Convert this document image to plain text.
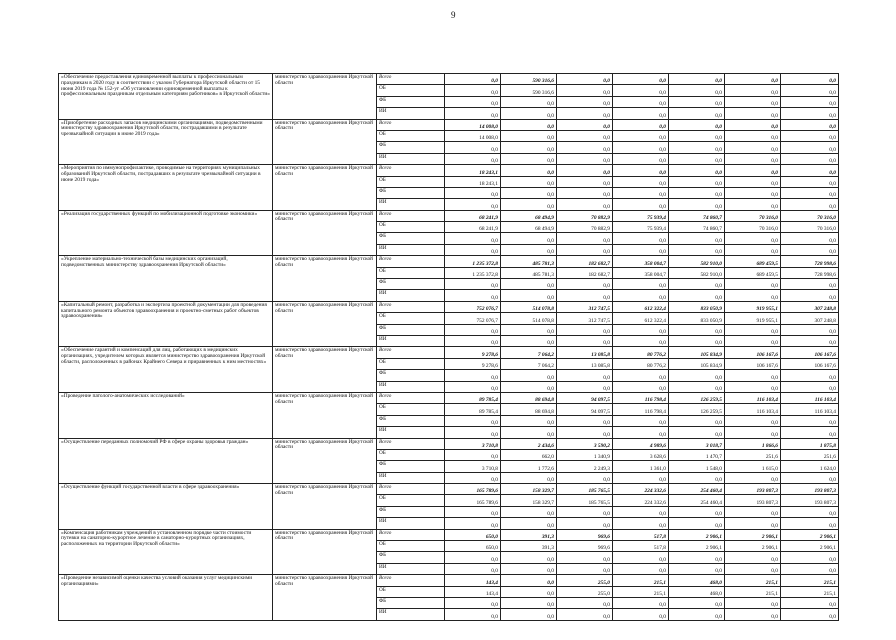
9
«Обеспечение предоставления единовременной выплаты к профессиональным праздникам в 2020 году в соответствии с указом Губернатора Иркутской области от 15 июня 2019 года № 152-уг «Об установлении единовременной выплаты к профессиональным праздникам отдельным категориям работников» в Иркутской области»	министерство здравоохранения Иркутской области	Всего	0,0	590 316,6	0,0	0,0	0,0	0,0	0,0
		ОБ	0,0	590 316,6	0,0	0,0	0,0	0,0	0,0
		ФБ	0,0	0,0	0,0	0,0	0,0	0,0	0,0
		ИИ	0,0	0,0	0,0	0,0	0,0	0,0	0,0
«Приобретение расходных запасов медицинскими организациями, подведомственными министерству здравоохранения Иркутской области, пострадавшими в результате чрезвычайной ситуации в июне 2019 года»	министерство здравоохранения Иркутской области	Всего	14 008,0	0,0	0,0	0,0	0,0	0,0	0,0
		ОБ	14 008,0	0,0	0,0	0,0	0,0	0,0	0,0
		ФБ	0,0	0,0	0,0	0,0	0,0	0,0	0,0
		ИИ	0,0	0,0	0,0	0,0	0,0	0,0	0,0
«Мероприятия по иммунопрофилактике, проводимые на территориях муниципальных образований Иркутской области, пострадавших в результате чрезвычайной ситуации в июне 2019 года»	министерство здравоохранения Иркутской области	Всего	18 243,1	0,0	0,0	0,0	0,0	0,0	0,0
		ОБ	18 243,1	0,0	0,0	0,0	0,0	0,0	0,0
		ФБ	0,0	0,0	0,0	0,0	0,0	0,0	0,0
		ИИ	0,0	0,0	0,0	0,0	0,0	0,0	0,0
«Реализация государственных функций по мобилизационной подготовке экономики»	министерство здравоохранения Иркутской области	Всего	68 241,9	68 494,9	70 882,9	75 939,4	74 860,7	70 316,0	70 316,0
		ОБ	68 241,9	68 494,9	70 882,9	75 939,4	74 860,7	70 316,0	70 316,0
		ФБ	0,0	0,0	0,0	0,0	0,0	0,0	0,0
		ИИ	0,0	0,0	0,0	0,0	0,0	0,0	0,0
«Укрепление материально-технической базы медицинских организаций, подведомственных министерству здравоохранения Иркутской области»	министерство здравоохранения Иркутской области	Всего	1 235 372,8	485 781,3	182 682,7	358 004,7	582 910,0	689 459,5	728 998,6
		ОБ	1 235 372,8	485 781,3	182 682,7	358 004,7	582 910,0	689 459,5	728 998,6
		ФБ	0,0	0,0	0,0	0,0	0,0	0,0	0,0
		ИИ	0,0	0,0	0,0	0,0	0,0	0,0	0,0
«Капитальный ремонт, разработка и экспертиза проектной документации для проведения капитального ремонта объектов здравоохранения и проектно-сметных работ объектов здравоохранения»	министерство здравоохранения Иркутской области	Всего	752 076,7	514 078,8	312 747,5	612 322,4	833 050,9	919 955,1	307 248,8
		ОБ	752 076,7	514 078,8	312 747,5	612 322,4	833 050,9	919 955,1	307 248,8
		ФБ	0,0	0,0	0,0	0,0	0,0	0,0	0,0
		ИИ	0,0	0,0	0,0	0,0	0,0	0,0	0,0
«Обеспечение гарантий и компенсаций для лиц, работающих в медицинских организациях, учредителем которых является министерство здравоохранения Иркутской области, расположенных в районах Крайнего Севера и приравненных к ним местностях»	министерство здравоохранения Иркутской области	Всего	9 278,6	7 064,2	13 085,8	80 776,2	105 834,9	106 167,6	106 167,6
		ОБ	9 278,6	7 064,2	13 085,8	80 776,2	105 834,9	106 167,6	106 167,6
		ФБ	0,0	0,0	0,0	0,0	0,0	0,0	0,0
		ИИ	0,0	0,0	0,0	0,0	0,0	0,0	0,0
«Проведение патолого-анатомических исследований»	министерство здравоохранения Иркутской области	Всего	89 785,4	88 694,8	94 097,5	116 798,4	126 259,5	116 103,4	116 103,4
		ОБ	89 785,4	88 694,8	94 097,5	116 798,4	126 259,5	116 103,4	116 103,4
		ФБ	0,0	0,0	0,0	0,0	0,0	0,0	0,0
		ИИ	0,0	0,0	0,0	0,0	0,0	0,0	0,0
«Осуществление переданных полномочий РФ в сфере охраны здоровья граждан»	министерство здравоохранения Иркутской области	Всего	3 710,8	2 434,6	3 590,2	4 989,6	3 018,7	1 866,6	1 875,8
		ОБ	0,0	662,0	1 340,9	3 628,6	1 470,7	251,6	251,6
		ФБ	3 710,8	1 772,6	2 249,3	1 361,0	1 548,0	1 615,0	1 624,0
		ИИ	0,0	0,0	0,0	0,0	0,0	0,0	0,0
«Осуществление функций государственной власти в сфере здравоохранения»	министерство здравоохранения Иркутской области	Всего	165 789,6	158 329,7	185 765,5	224 332,6	254 460,4	193 807,3	193 807,3
		ОБ	165 789,6	158 329,7	185 765,5	224 332,6	254 460,4	193 807,3	193 807,3
		ФБ	0,0	0,0	0,0	0,0	0,0	0,0	0,0
		ИИ	0,0	0,0	0,0	0,0	0,0	0,0	0,0
«Компенсация работникам учреждений в установленном порядке части стоимости путевки на санаторно-курортное лечение в санаторно-курортных организациях, расположенных на территории Иркутской области»	министерство здравоохранения Иркутской области	Всего	650,0	391,3	969,6	517,8	2 906,1	2 906,1	2 906,1
		ОБ	650,0	391,3	969,6	517,8	2 906,1	2 906,1	2 906,1
		ФБ	0,0	0,0	0,0	0,0	0,0	0,0	0,0
		ИИ	0,0	0,0	0,0	0,0	0,0	0,0	0,0
«Проведение независимой оценки качества условий оказания услуг медицинскими организациями»	министерство здравоохранения Иркутской области	Всего	143,4	0,0	255,0	215,1	468,0	215,1	215,1
		ОБ	143,4	0,0	255,0	215,1	468,0	215,1	215,1
		ФБ	0,0	0,0	0,0	0,0	0,0	0,0	0,0
		ИИ	0,0	0,0	0,0	0,0	0,0	0,0	0,0
